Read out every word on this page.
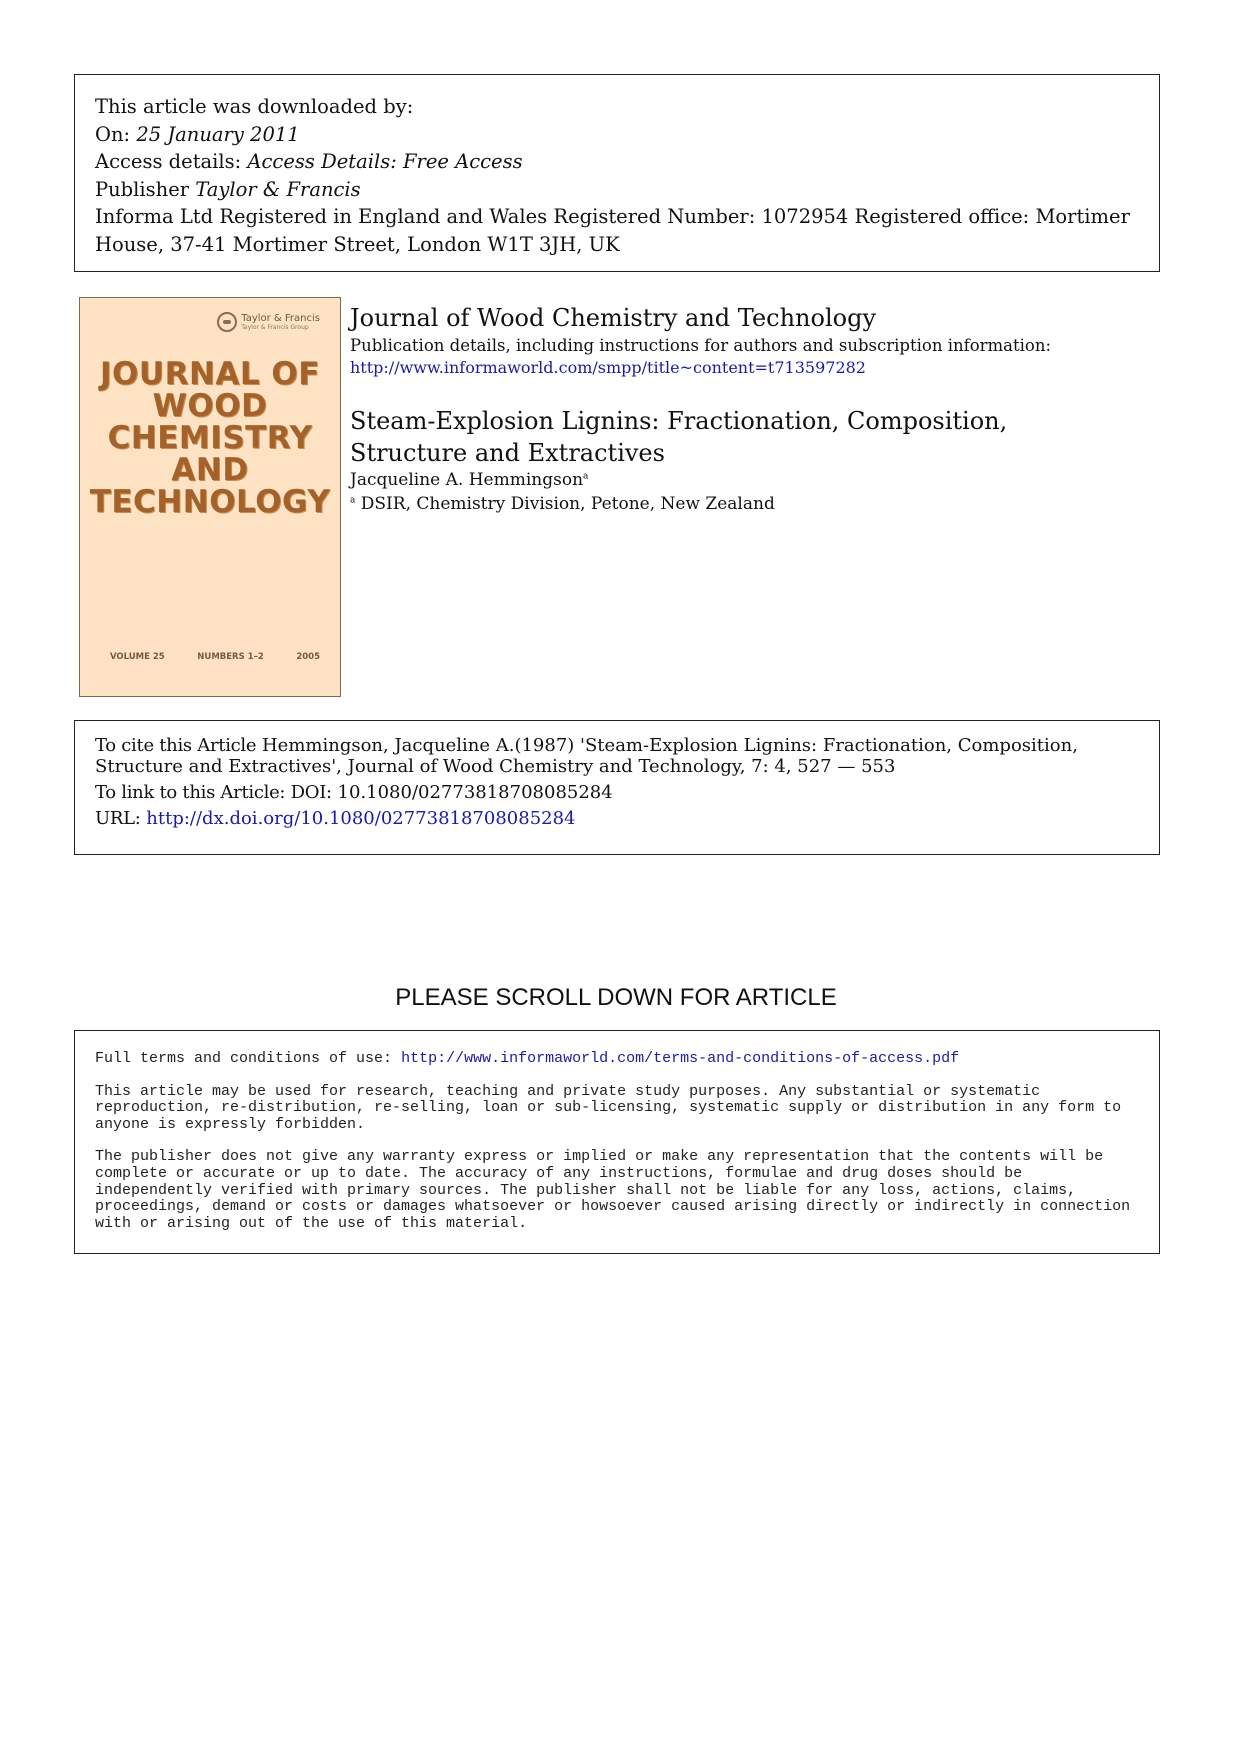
This article was downloaded by:
On: 25 January 2011
Access details: Access Details: Free Access
Publisher Taylor & Francis
Informa Ltd Registered in England and Wales Registered Number: 1072954 Registered office: Mortimer House, 37-41 Mortimer Street, London W1T 3JH, UK
Taylor & Francis
Taylor & Francis Group
JOURNAL OF
WOOD
CHEMISTRY
AND
TECHNOLOGY
VOLUME 25	NUMBERS 1–2	2005
Journal of Wood Chemistry and Technology
Publication details, including instructions for authors and subscription information:
http://www.informaworld.com/smpp/title~content=t713597282
Steam-Explosion Lignins: Fractionation, Composition, Structure and Extractives
Jacqueline A. Hemmingson$^a$
$^a$ DSIR, Chemistry Division, Petone, New Zealand
To cite this Article Hemmingson, Jacqueline A.(1987) 'Steam-Explosion Lignins: Fractionation, Composition, Structure and Extractives', Journal of Wood Chemistry and Technology, 7: 4, 527 — 553
To link to this Article: DOI: 10.1080/02773818708085284
URL: http://dx.doi.org/10.1080/02773818708085284
PLEASE SCROLL DOWN FOR ARTICLE

Full terms and conditions of use: http://www.informaworld.com/terms-and-conditions-of-access.pdf

This article may be used for research, teaching and private study purposes. Any substantial or systematic reproduction, re-distribution, re-selling, loan or sub-licensing, systematic supply or distribution in any form to anyone is expressly forbidden.

The publisher does not give any warranty express or implied or make any representation that the contents will be complete or accurate or up to date. The accuracy of any instructions, formulae and drug doses should be independently verified with primary sources. The publisher shall not be liable for any loss, actions, claims, proceedings, demand or costs or damages whatsoever or howsoever caused arising directly or indirectly in connection with or arising out of the use of this material.
